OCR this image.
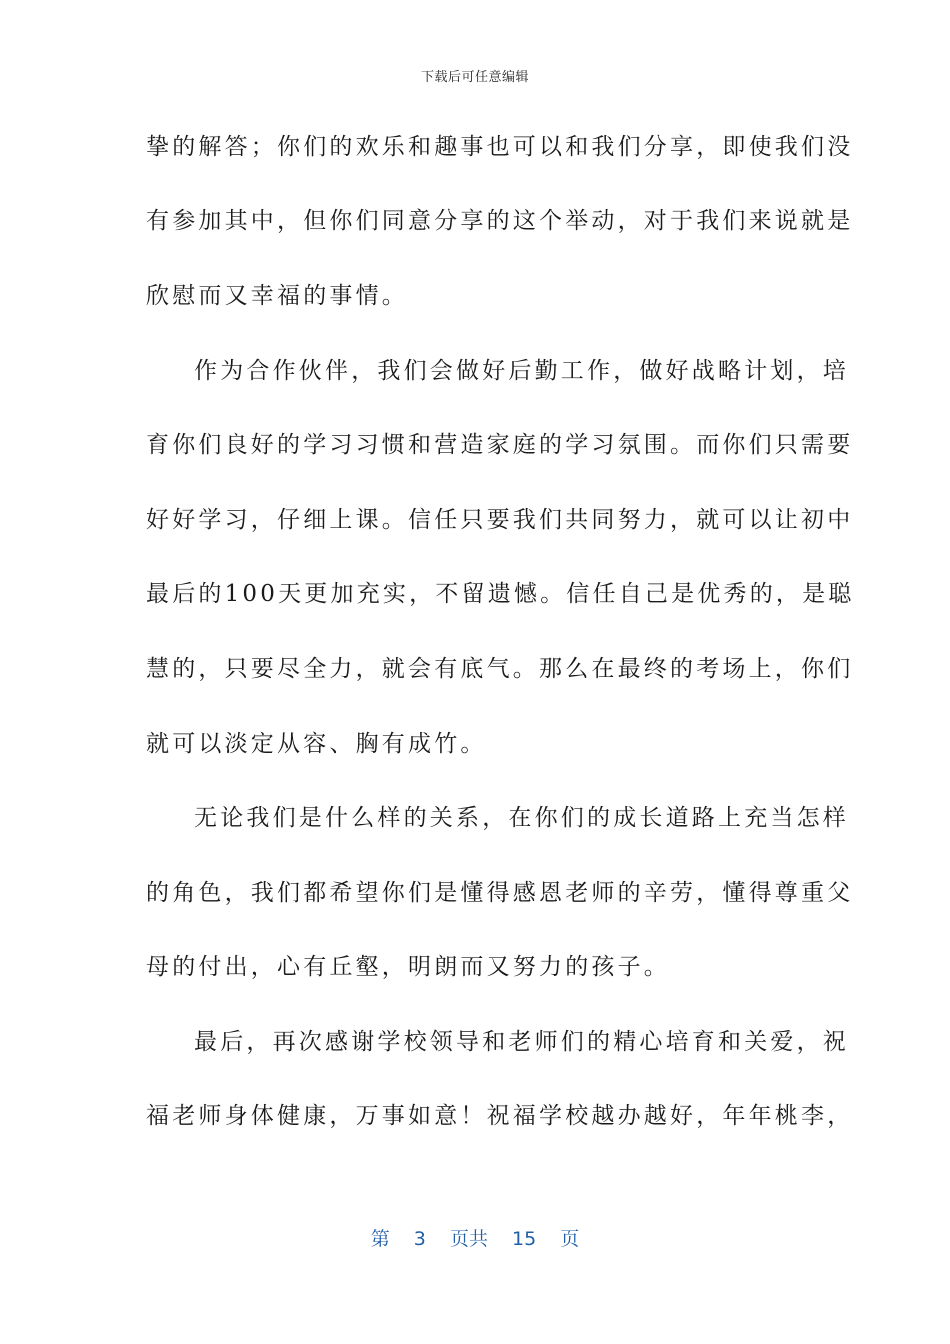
下载后可任意编辑
挚的解答；你们的欢乐和趣事也可以和我们分享，即使我们没
有参加其中，但你们同意分享的这个举动，对于我们来说就是
欣慰而又幸福的事情。
作为合作伙伴，我们会做好后勤工作，做好战略计划，培
育你们良好的学习习惯和营造家庭的学习氛围。而你们只需要
好好学习，仔细上课。信任只要我们共同努力，就可以让初中
最后的100天更加充实，不留遗憾。信任自己是优秀的，是聪
慧的，只要尽全力，就会有底气。那么在最终的考场上，你们
就可以淡定从容、胸有成竹。
无论我们是什么样的关系，在你们的成长道路上充当怎样
的角色，我们都希望你们是懂得感恩老师的辛劳，懂得尊重父
母的付出，心有丘壑，明朗而又努力的孩子。
最后，再次感谢学校领导和老师们的精心培育和关爱，祝
福老师身体健康，万事如意！祝福学校越办越好，年年桃李，
第 3 页共 15 页
